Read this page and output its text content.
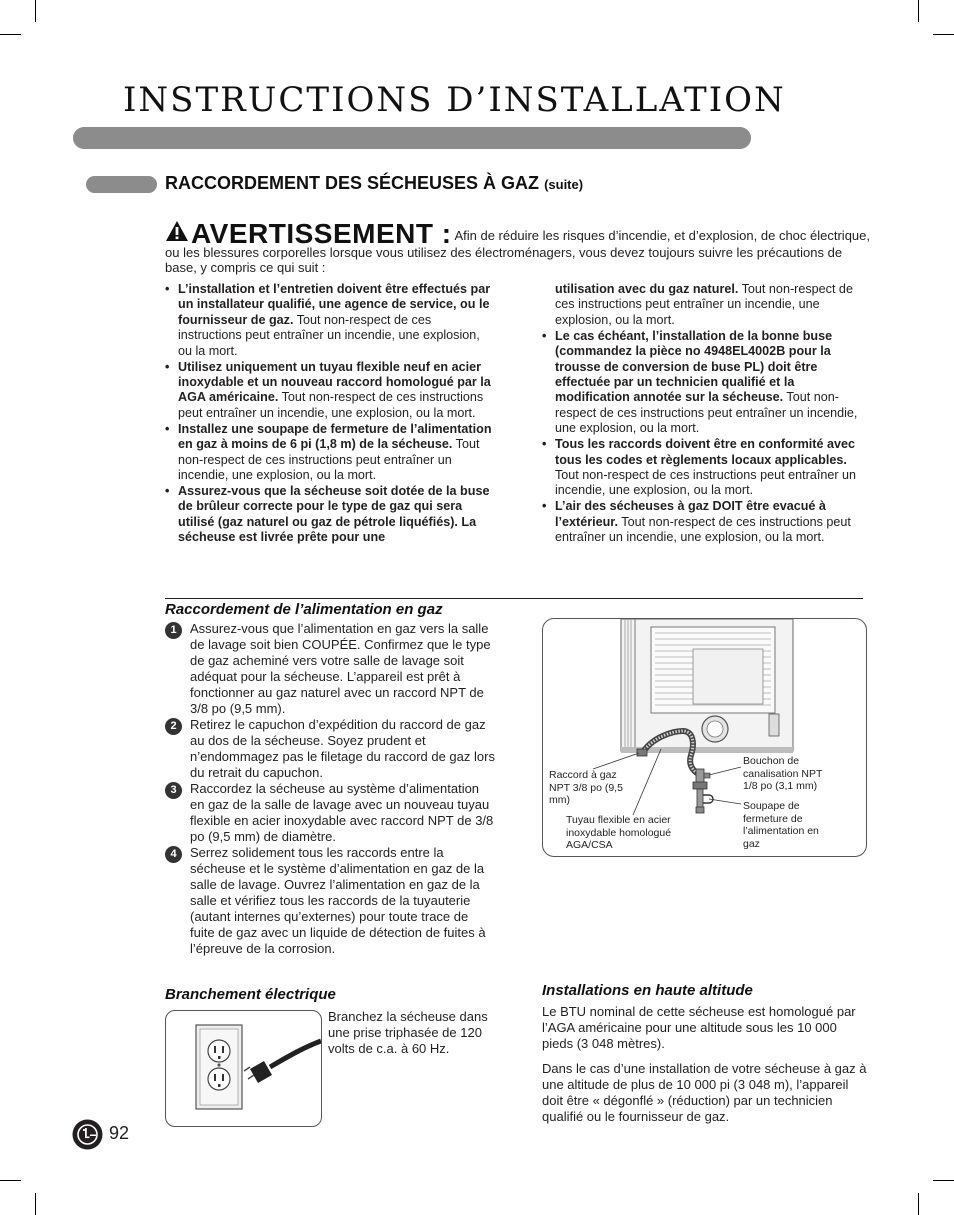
INSTRUCTIONS D’INSTALLATION
RACCORDEMENT DES SÉCHEUSES À GAZ (suite)
AVERTISSEMENT : Afin de réduire les risques d’incendie, et d’explosion, de choc électrique, ou les blessures corporelles lorsque vous utilisez des électroménagers, vous devez toujours suivre les précautions de base, y compris ce qui suit :

• L’installation et l’entretien doivent être effectués par un installateur qualifié, une agence de service, ou le fournisseur de gaz. Tout non-respect de ces instructions peut entraîner un incendie, une explosion, ou la mort.

• Utilisez uniquement un tuyau flexible neuf en acier inoxydable et un nouveau raccord homologué par la AGA américaine. Tout non-respect de ces instructions peut entraîner un incendie, une explosion, ou la mort.

• Installez une soupape de fermeture de l’alimentation en gaz à moins de 6 pi (1,8 m) de la sécheuse. Tout non-respect de ces instructions peut entraîner un incendie, une explosion, ou la mort.

• Assurez-vous que la sécheuse soit dotée de la buse de brûleur correcte pour le type de gaz qui sera utilisé (gaz naturel ou gaz de pétrole liquéfiés). La sécheuse est livrée prête pour une

utilisation avec du gaz naturel. Tout non-respect de ces instructions peut entraîner un incendie, une explosion, ou la mort.

• Le cas échéant, l’installation de la bonne buse (commandez la pièce no 4948EL4002B pour la trousse de conversion de buse PL) doit être effectuée par un technicien qualifié et la modification annotée sur la sécheuse. Tout non-respect de ces instructions peut entraîner un incendie, une explosion, ou la mort.

• Tous les raccords doivent être en conformité avec tous les codes et règlements locaux applicables. Tout non-respect de ces instructions peut entraîner un incendie, une explosion, ou la mort.

• L’air des sécheuses à gaz DOIT être evacué à l’extérieur. Tout non-respect de ces instructions peut entraîner un incendie, une explosion, ou la mort.

Raccordement de l’alimentation en gaz
1	Assurez-vous que l’alimentation en gaz vers la salle de lavage soit bien COUPÉE. Confirmez que le type de gaz acheminé vers votre salle de lavage soit adéquat pour la sécheuse. L’appareil est prêt à fonctionner au gaz naturel avec un raccord NPT de 3/8 po (9,5 mm).
2	Retirez le capuchon d’expédition du raccord de gaz au dos de la sécheuse. Soyez prudent et n’endommagez pas le filetage du raccord de gaz lors du retrait du capuchon.
3	Raccordez la sécheuse au système d’alimentation en gaz de la salle de lavage avec un nouveau tuyau flexible en acier inoxydable avec raccord NPT de 3/8 po (9,5 mm) de diamètre.
4	Serrez solidement tous les raccords entre la sécheuse et le système d’alimentation en gaz de la salle de lavage. Ouvrez l’alimentation en gaz de la salle et vérifiez tous les raccords de la tuyauterie (autant internes qu’externes) pour toute trace de fuite de gaz avec un liquide de détection de fuites à l’épreuve de la corrosion.
Raccord à gaz NPT 3/8 po (9,5 mm)
Tuyau flexible en acier inoxydable homologué AGA/CSA
Bouchon de canalisation NPT 1/8 po (3,1 mm)
Soupape de fermeture de l’alimentation en gaz
Branchement électrique
Branchez la sécheuse dans une prise triphasée de 120 volts de c.a. à 60 Hz.
Installations en haute altitude

Le BTU nominal de cette sécheuse est homologué par l’AGA américaine pour une altitude sous les 10 000 pieds (3 048 mètres).

Dans le cas d’une installation de votre sécheuse à gaz à une altitude de plus de 10 000 pi (3 048 m), l’appareil doit être « dégonflé » (réduction) par un technicien qualifié ou le fournisseur de gaz.

92
